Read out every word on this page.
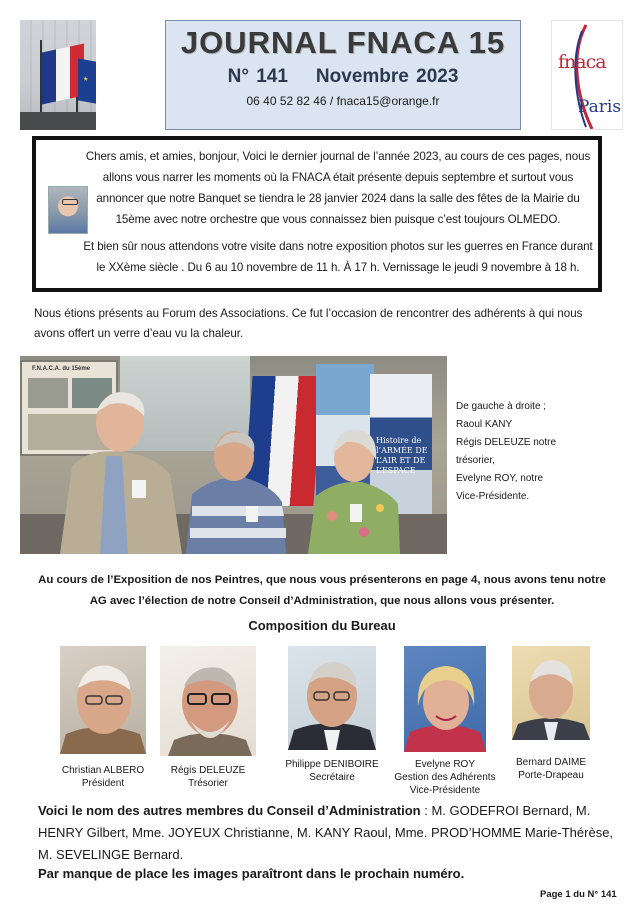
★
JOURNAL FNACA 15
N° 141 Novembre 2023
06 40 52 82 46 / fnaca15@orange.fr
fnaca
Paris

Chers amis, et amies, bonjour, Voici le dernier journal de l’année 2023, au cours de ces pages, nous allons vous narrer les moments où la FNACA était présente depuis septembre et surtout vous annoncer que notre Banquet se tiendra le 28 janvier 2024 dans la salle des fêtes de la Mairie du 15ème avec notre orchestre que vous connaissez bien puisque c’est toujours OLMEDO.

Et bien sûr nous attendons votre visite dans notre exposition photos sur les guerres en France durant le XXème siècle . Du 6 au 10 novembre de 11 h. À 17 h. Vernissage le jeudi 9 novembre à 18 h.

Nous étions présents au Forum des Associations. Ce fut l’occasion de rencontrer des adhérents à qui nous avons offert un verre d’eau vu la chaleur.
F.N.A.C.A. du 15ème
Histoire de l’ARMÉE DE L’AIR ET DE L’ESPACE
De gauche à droite ;
Raoul KANY
Régis DELEUZE notre trésorier,
Evelyne ROY, notre Vice-Présidente.
Au cours de l’Exposition de nos Peintres, que nous vous présenterons en page 4, nous avons tenu notre AG avec l’élection de notre Conseil d’Administration, que nous allons vous présenter.
Composition du Bureau
Christian ALBERO
Président
Régis DELEUZE
Trésorier
Philippe DENIBOIRE
Secrétaire
Evelyne ROY
Gestion des Adhérents
Vice-Présidente
Bernard DAIME
Porte-Drapeau
Voici le nom des autres membres du Conseil d’Administration : M. GODEFROI Bernard, M. HENRY Gilbert, Mme. JOYEUX Christianne, M. KANY Raoul, Mme. PROD’HOMME Marie-Thérèse, M. SEVELINGE Bernard.
Par manque de place les images paraîtront dans le prochain numéro.
Page 1 du N° 141
